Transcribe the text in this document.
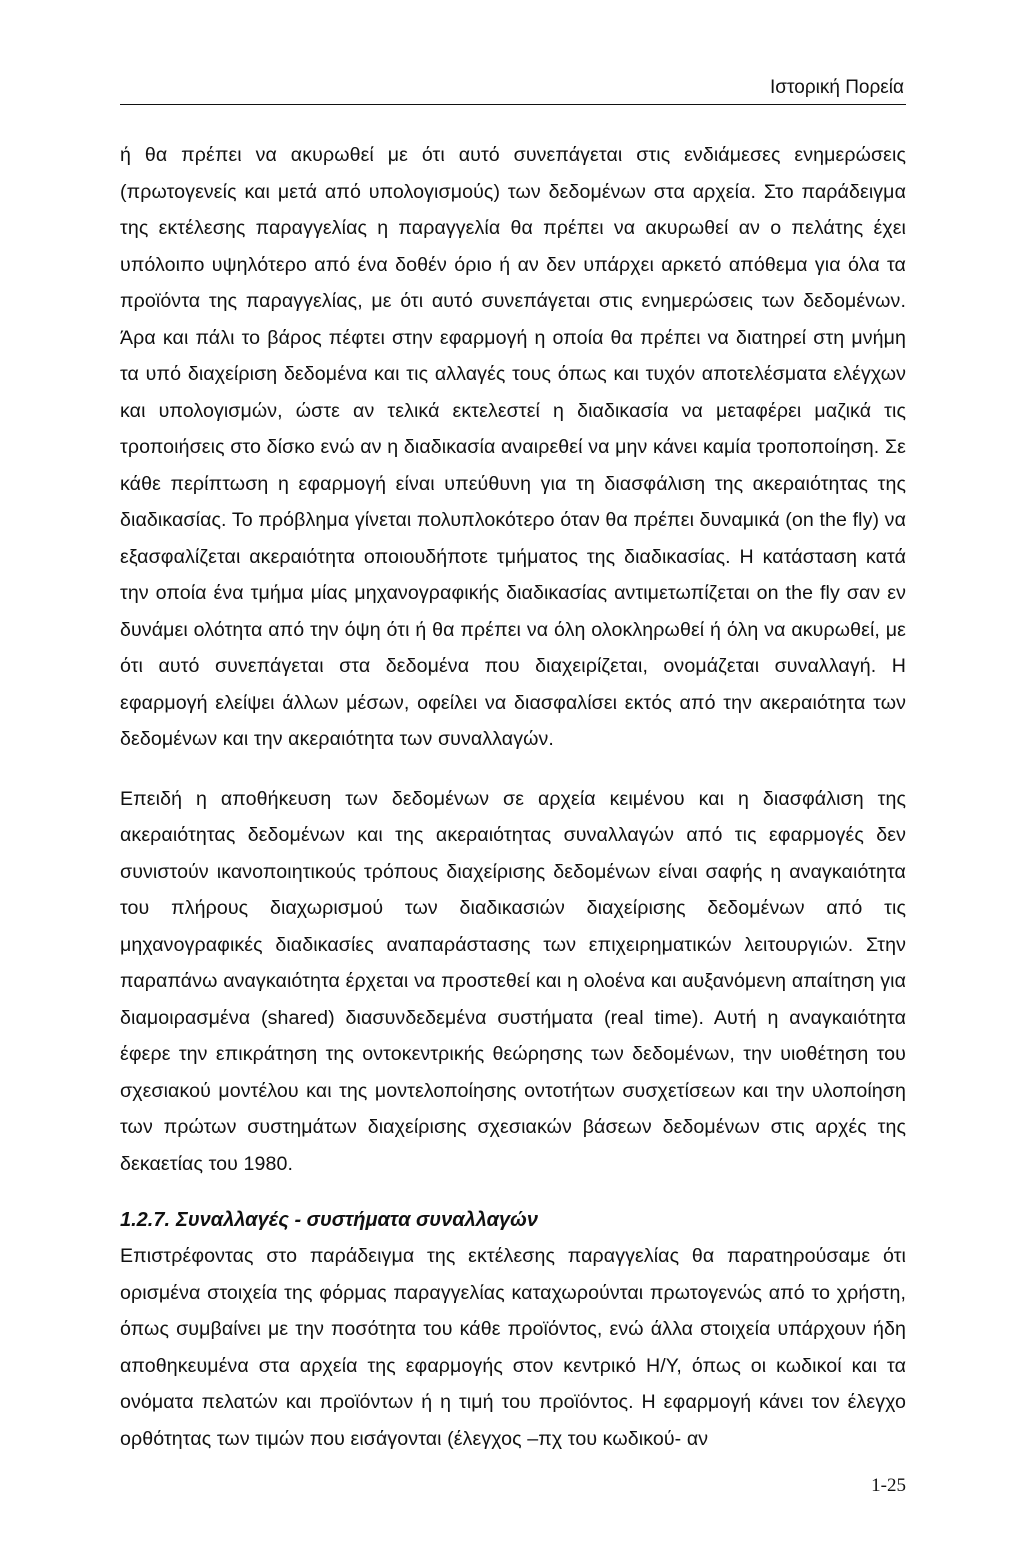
Ιστορική Πορεία

ή θα πρέπει να ακυρωθεί με ότι αυτό συνεπάγεται στις ενδιάμεσες ενημερώσεις (πρωτογενείς και μετά από υπολογισμούς) των δεδομένων στα αρχεία. Στο παράδειγμα της εκτέλεσης παραγγελίας η παραγγελία θα πρέπει να ακυρωθεί αν ο πελάτης έχει υπόλοιπο υψηλότερο από ένα δοθέν όριο ή αν δεν υπάρχει αρκετό απόθεμα για όλα τα προϊόντα της παραγγελίας, με ότι αυτό συνεπάγεται στις ενημερώσεις των δεδομένων. Άρα και πάλι το βάρος πέφτει στην εφαρμογή η οποία θα πρέπει να διατηρεί στη μνήμη τα υπό διαχείριση δεδομένα και τις αλλαγές τους όπως και τυχόν αποτελέσματα ελέγχων και υπολογισμών, ώστε αν τελικά εκτελεστεί η διαδικασία να μεταφέρει μαζικά τις τροποιήσεις στο δίσκο ενώ αν η διαδικασία αναιρεθεί να μην κάνει καμία τροποποίηση. Σε κάθε περίπτωση η εφαρμογή είναι υπεύθυνη για τη διασφάλιση της ακεραιότητας της διαδικασίας. Το πρόβλημα γίνεται πολυπλοκότερο όταν θα πρέπει δυναμικά (on the fly) να εξασφαλίζεται ακεραιότητα οποιουδήποτε τμήματος της διαδικασίας. Η κατάσταση κατά την οποία ένα τμήμα μίας μηχανογραφικής διαδικασίας αντιμετωπίζεται on the fly σαν εν δυνάμει ολότητα από την όψη ότι ή θα πρέπει να όλη ολοκληρωθεί ή όλη να ακυρωθεί, με ότι αυτό συνεπάγεται στα δεδομένα που διαχειρίζεται, ονομάζεται συναλλαγή. Η εφαρμογή ελείψει άλλων μέσων, οφείλει να διασφαλίσει εκτός από την ακεραιότητα των δεδομένων και την ακεραιότητα των συναλλαγών.

Επειδή η αποθήκευση των δεδομένων σε αρχεία κειμένου και η διασφάλιση της ακεραιότητας δεδομένων και της ακεραιότητας συναλλαγών από τις εφαρμογές δεν συνιστούν ικανοποιητικούς τρόπους διαχείρισης δεδομένων είναι σαφής η αναγκαιότητα του πλήρους διαχωρισμού των διαδικασιών διαχείρισης δεδομένων από τις μηχανογραφικές διαδικασίες αναπαράστασης των επιχειρηματικών λειτουργιών. Στην παραπάνω αναγκαιότητα έρχεται να προστεθεί και η ολοένα και αυξανόμενη απαίτηση για διαμοιρασμένα (shared) διασυνδεδεμένα συστήματα (real time). Αυτή η αναγκαιότητα έφερε την επικράτηση της οντοκεντρικής θεώρησης των δεδομένων, την υιοθέτηση του σχεσιακού μοντέλου και της μοντελοποίησης οντοτήτων συσχετίσεων και την υλοποίηση των πρώτων συστημάτων διαχείρισης σχεσιακών βάσεων δεδομένων στις αρχές της δεκαετίας του 1980.

1.2.7. Συναλλαγές - συστήματα συναλλαγών

Επιστρέφοντας στο παράδειγμα της εκτέλεσης παραγγελίας θα παρατηρούσαμε ότι ορισμένα στοιχεία της φόρμας παραγγελίας καταχωρούνται πρωτογενώς από το χρήστη, όπως συμβαίνει με την ποσότητα του κάθε προϊόντος, ενώ άλλα στοιχεία υπάρχουν ήδη αποθηκευμένα στα αρχεία της εφαρμογής στον κεντρικό Η/Υ, όπως οι κωδικοί και τα ονόματα πελατών και προϊόντων ή η τιμή του προϊόντος. Η εφαρμογή κάνει τον έλεγχο ορθότητας των τιμών που εισάγονται (έλεγχος –πχ του κωδικού- αν

1-25
